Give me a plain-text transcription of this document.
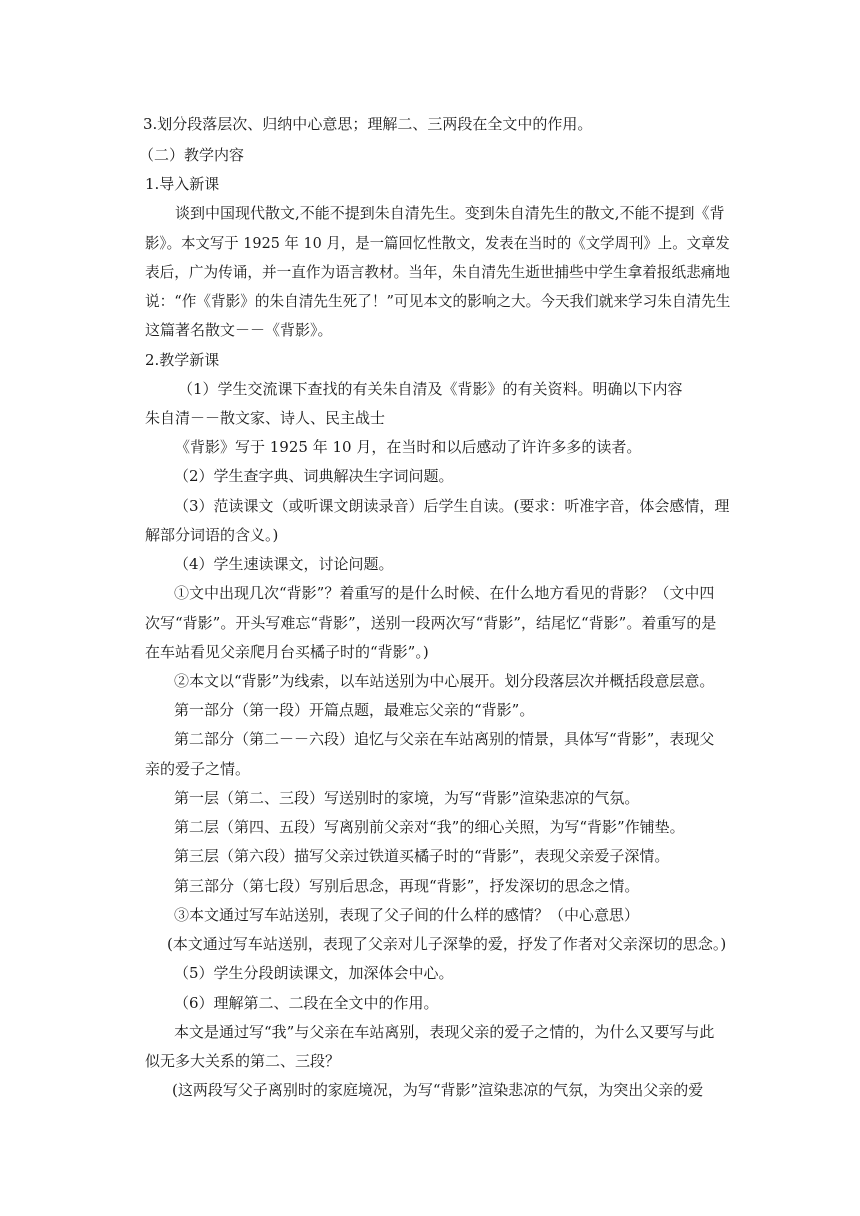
3.划分段落层次、归纳中心意思；理解二、三两段在全文中的作用。

（二）教学内容

1.导入新课

谈到中国现代散文,不能不提到朱自清先生。变到朱自清先生的散文,不能不提到《背

影》。本文写于 1925 年 10 月，是一篇回忆性散文，发表在当时的《文学周刊》上。文章发

表后，广为传诵，并一直作为语言教材。当年，朱自清先生逝世捕些中学生拿着报纸悲痛地

说：“作《背影》的朱自清先生死了！”可见本文的影响之大。今天我们就来学习朱自清先生

这篇著名散文－－《背影》。

2.教学新课

（1）学生交流课下查找的有关朱自清及《背影》的有关资料。明确以下内容

朱自清－－散文家、诗人、民主战士

《背影》写于 1925 年 10 月，在当时和以后感动了许许多多的读者。

（2）学生查字典、词典解决生字词问题。

（3）范读课文（或听课文朗读录音）后学生自读。(要求：听准字音，体会感情，理

解部分词语的含义。)

（4）学生速读课文，讨论问题。

①文中出现几次“背影”？着重写的是什么时候、在什么地方看见的背影？（文中四

次写“背影”。开头写难忘“背影”，送别一段两次写“背影”，结尾忆“背影”。着重写的是

在车站看见父亲爬月台买橘子时的“背影”。)

②本文以“背影”为线索，以车站送别为中心展开。划分段落层次并概括段意层意。

第一部分（第一段）开篇点题，最难忘父亲的“背影”。

第二部分（第二－－六段）追忆与父亲在车站离别的情景，具体写“背影”，表现父

亲的爱子之情。

第一层（第二、三段）写送别时的家境，为写“背影”渲染悲凉的气氛。

第二层（第四、五段）写离别前父亲对“我”的细心关照，为写“背影”作铺垫。

第三层（第六段）描写父亲过铁道买橘子时的“背影”，表现父亲爱子深情。

第三部分（第七段）写别后思念，再现“背影”，抒发深切的思念之情。

③本文通过写车站送别，表现了父子间的什么样的感情？（中心意思）

(本文通过写车站送别，表现了父亲对儿子深挚的爱，抒发了作者对父亲深切的思念。)

（5）学生分段朗读课文，加深体会中心。

（6）理解第二、二段在全文中的作用。

本文是通过写“我”与父亲在车站离别，表现父亲的爱子之情的，为什么又要写与此

似无多大关系的第二、三段？

(这两段写父子离别时的家庭境况，为写“背影”渲染悲凉的气氛，为突出父亲的爱
